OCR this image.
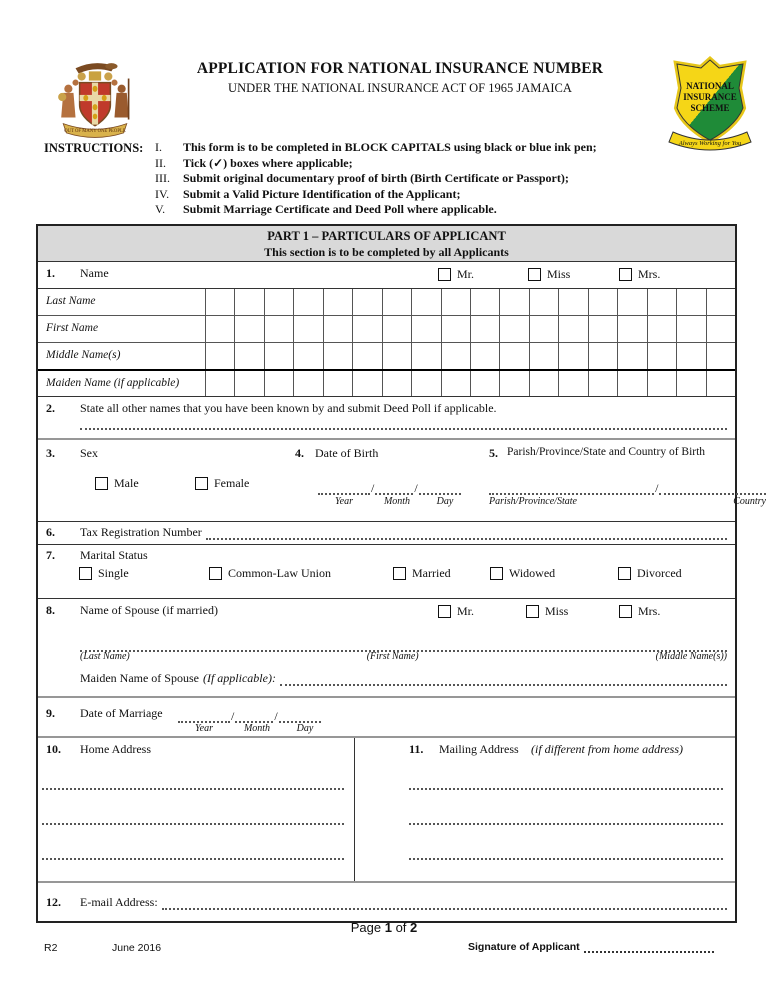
OUT OF MANY ONE PEOPLE
APPLICATION FOR NATIONAL INSURANCE NUMBER
UNDER THE NATIONAL INSURANCE ACT OF 1965 JAMAICA	NATIONAL
INSURANCE
SCHEME
Always Working for You
INSTRUCTIONS: I.	This form is to be completed in BLOCK CAPITALS using black or blue ink pen;
II.	Tick (✓) boxes where applicable;
III.	Submit original documentary proof of birth (Birth Certificate or Passport);
IV.	Submit a Valid Picture Identification of the Applicant;
V.	Submit Marriage Certificate and Deed Poll where applicable.
PART 1 – PARTICULARS OF APPLICANT
This section is to be completed by all Applicants
1. Name	Mr.	Miss	Mrs.
Last Name
First Name
Middle Name(s)
Maiden Name (if applicable)
2. State all other names that you have been known by and submit Deed Poll if applicable.
3. Sex
Male	Female
4. Date of Birth
/	/
Year	Month	Day
5. Parish/Province/State and Country of Birth
/
Parish/Province/State	Country
6. Tax Registration Number
7. Marital Status
Single	Common-Law Union	Married	Widowed	Divorced
8. Name of Spouse (if married)	Mr.	Miss	Mrs.
(Last Name)	(First Name)	(Middle Name(s))
Maiden Name of Spouse (If applicable):
9. Date of Marriage	/	/
Year	Month	Day
10. Home Address	11. Mailing Address (if different from home address)
12. E-mail Address:
Page 1 of 2
R2	June 2016	Signature of Applicant
